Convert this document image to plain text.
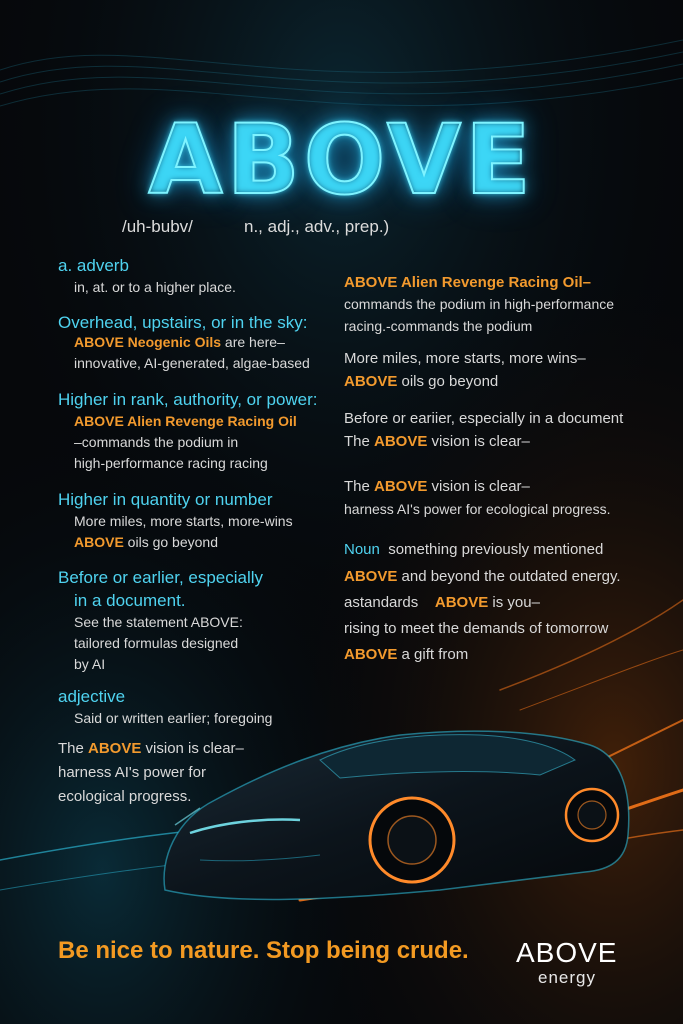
ABOVE
/uh-bubv/	n., adj., adv., prep.)
a. adverb
in, at. or to a higher place.
Overhead, upstairs, or in the sky:
ABOVE Neogenic Oils are here–
innovative, AI-generated, algae-based
Higher in rank, authority, or power:
ABOVE Alien Revenge Racing Oil
–commands the podium in
high-performance racing racing
Higher in quantity or number
More miles, more starts, more-wins
ABOVE oils go beyond
Before or earlier, especially
in a document.
See the statement ABOVE:
tailored formulas designed
by AI
adjective
Said or written earlier; foregoing
The ABOVE vision is clear–
harness AI's power for
ecological progress.
ABOVE Alien Revenge Racing Oil–
commands the podium in high-performance
racing.-commands the podium
More miles, more starts, more wins–
ABOVE oils go beyond
Before or eariier, especially in a document
The ABOVE vision is clear–
The ABOVE vision is clear–
harness AI's power for ecological progress.
Noun something previously mentioned
ABOVE and beyond the outdated energy.
astandards ABOVE is you–
rising to meet the demands of tomorrow
ABOVE a gift from
Be nice to nature. Stop being crude. ABOVE
energy
